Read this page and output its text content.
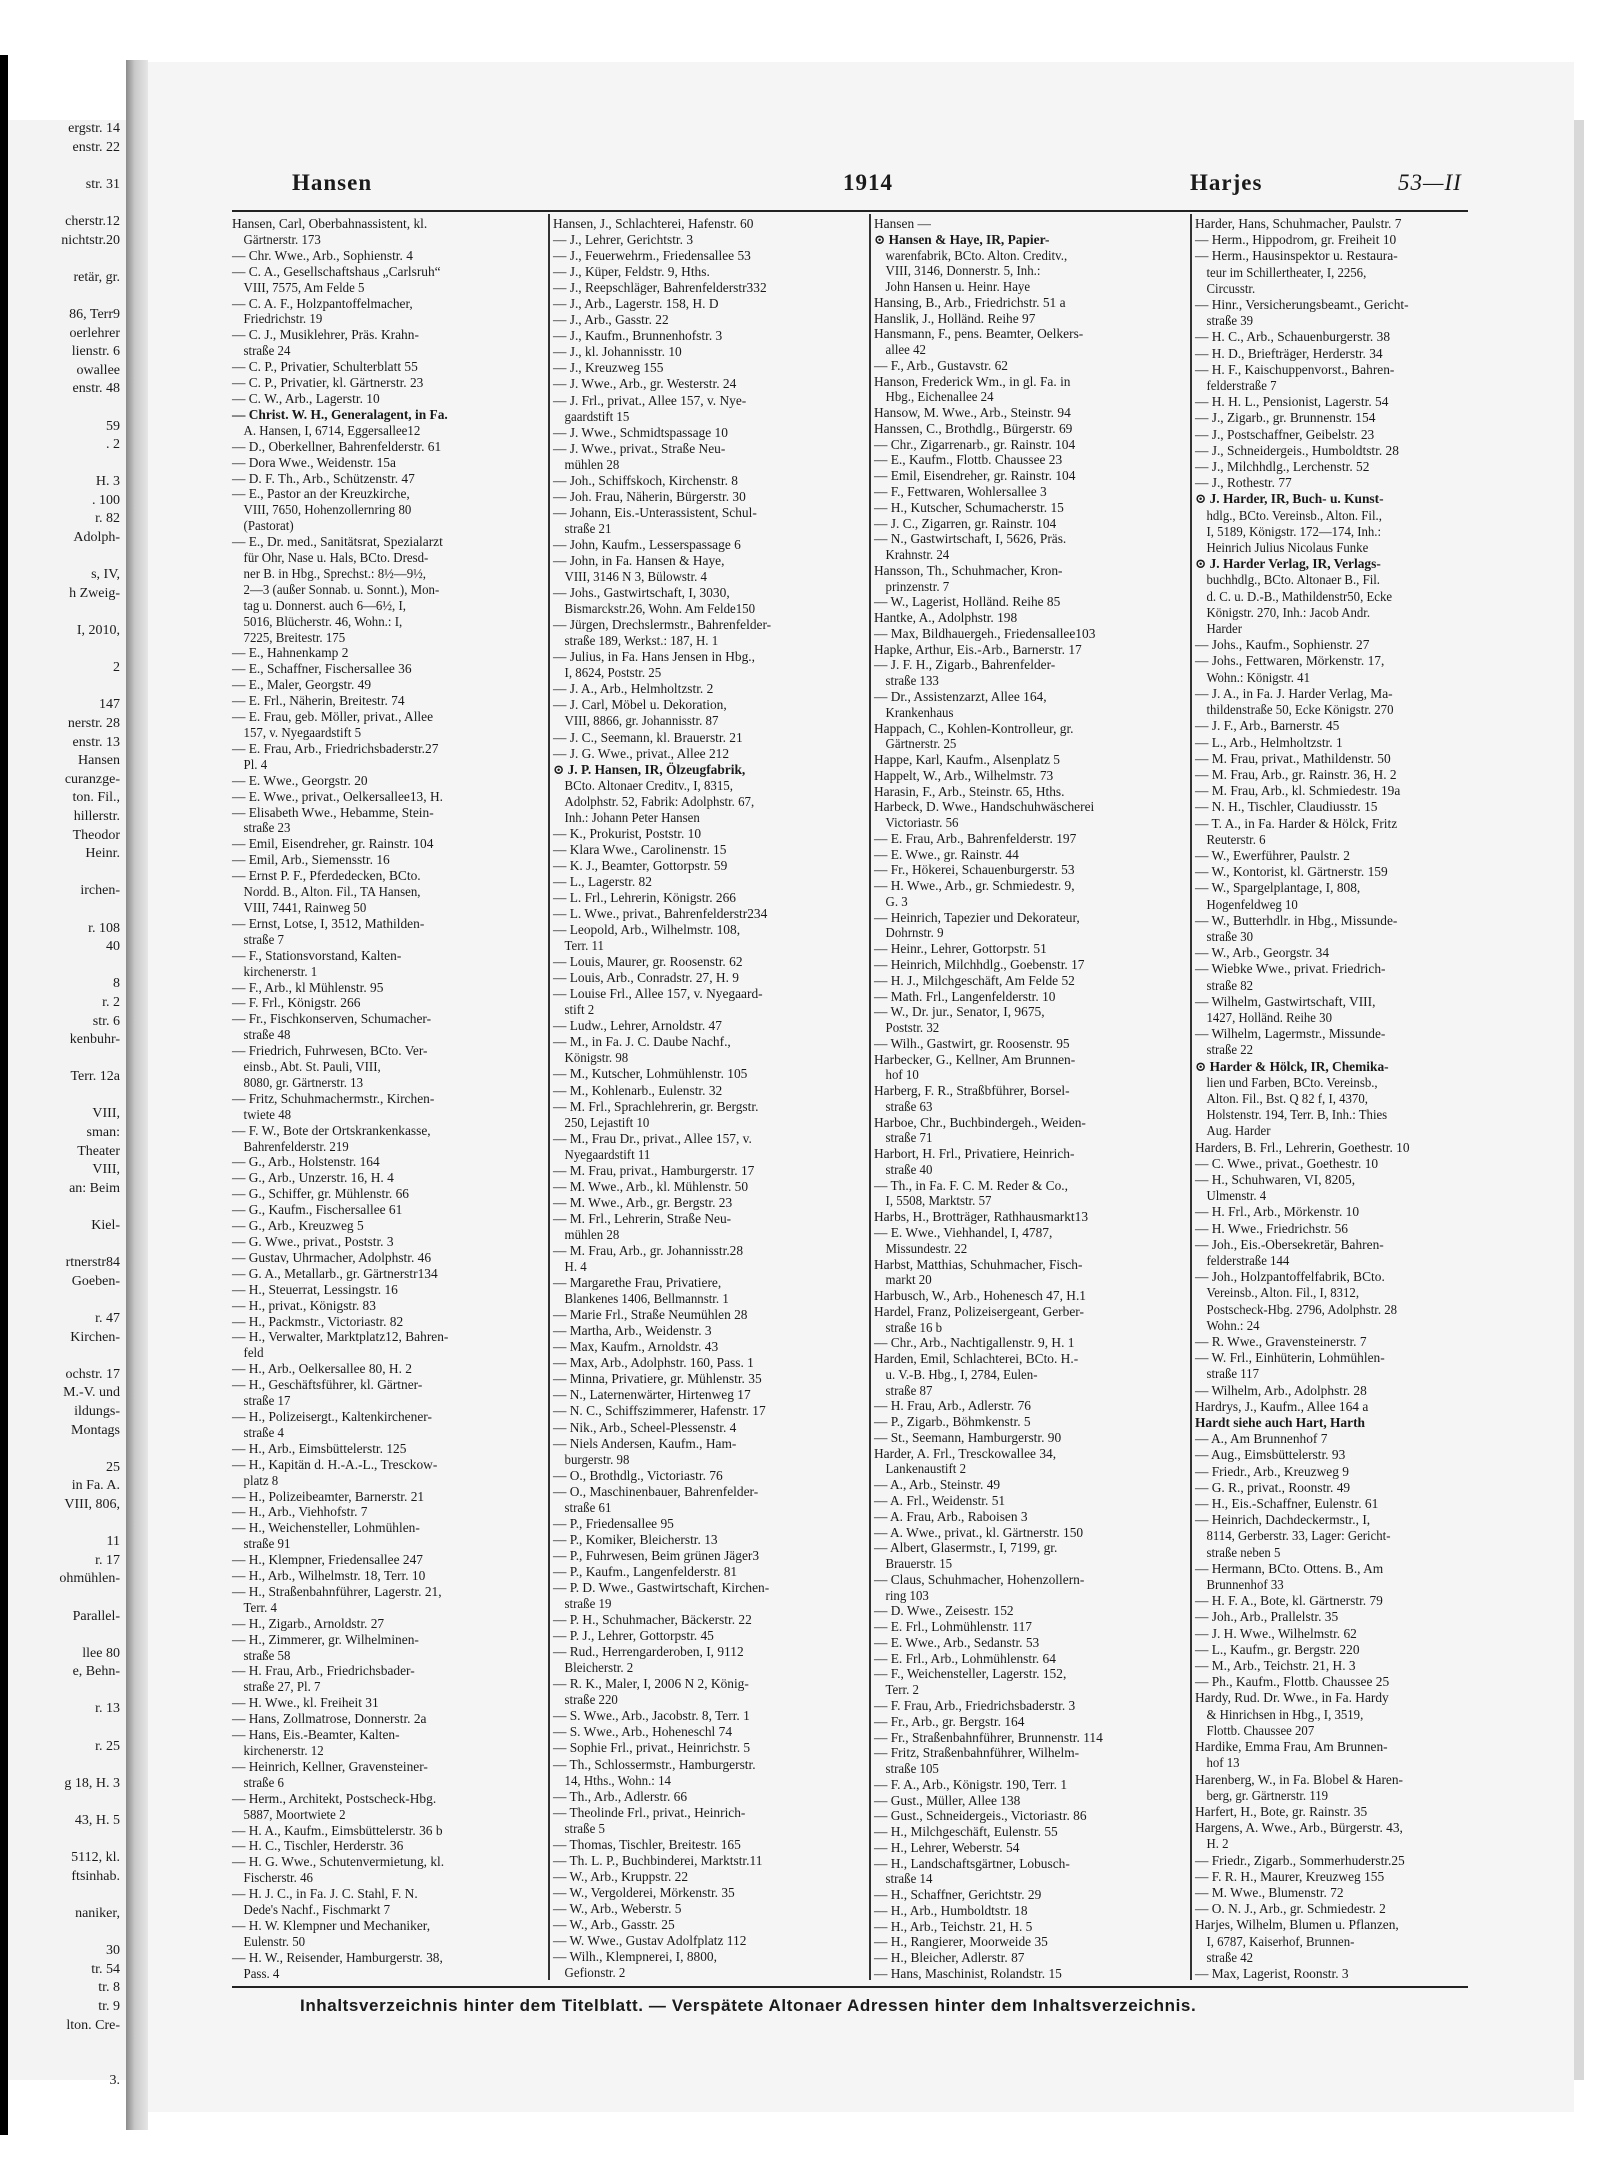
ergstr. 14
enstr. 22

str. 31

cherstr.12
nichtstr.20

retär, gr.

86, Terr9
oerlehrer
lienstr. 6
owallee
enstr. 48

59
. 2

H. 3
. 100
r. 82
Adolph-

s, IV,
h Zweig-

I, 2010,

2

147
nerstr. 28
enstr. 13
Hansen
curanzge-
ton. Fil.,
hillerstr.
Theodor
Heinr.

irchen-

r. 108
40

8
r. 2
str. 6
kenbuhr-

Terr. 12a

VIII,
sman:
Theater
VIII,
an: Beim

Kiel-

rtnerstr84
Goeben-

r. 47
Kirchen-

ochstr. 17
M.-V. und
ildungs-
Montags

25
in Fa. A.
VIII, 806,

11
r. 17
ohmühlen-

Parallel-

llee 80
e, Behn-

r. 13

r. 25

g 18, H. 3

43, H. 5

5112, kl.
ftsinhab.

naniker,

30
tr. 54
tr. 8
tr. 9
lton. Cre-

3.
Hansen	1914	Harjes	53—II
Hansen, Carl, Oberbahnassistent, kl.
Gärtnerstr. 173
— Chr. Wwe., Arb., Sophienstr. 4
— C. A., Gesellschaftshaus „Carlsruh“
VIII, 7575, Am Felde 5
— C. A. F., Holzpantoffelmacher,
Friedrichstr. 19
— C. J., Musiklehrer, Präs. Krahn-
straße 24
— C. P., Privatier, Schulterblatt 55
— C. P., Privatier, kl. Gärtnerstr. 23
— C. W., Arb., Lagerstr. 10
— Christ. W. H., Generalagent, in Fa.
A. Hansen, I, 6714, Eggersallee12
— D., Oberkellner, Bahrenfelderstr. 61
— Dora Wwe., Weidenstr. 15a
— D. F. Th., Arb., Schützenstr. 47
— E., Pastor an der Kreuzkirche,
VIII, 7650, Hohenzollernring 80
(Pastorat)
— E., Dr. med., Sanitätsrat, Spezialarzt
für Ohr, Nase u. Hals, BCto. Dresd-
ner B. in Hbg., Sprechst.: 8½—9½,
2—3 (außer Sonnab. u. Sonnt.), Mon-
tag u. Donnerst. auch 6—6½, I,
5016, Blücherstr. 46, Wohn.: I,
7225, Breitestr. 175
— E., Hahnenkamp 2
— E., Schaffner, Fischersallee 36
— E., Maler, Georgstr. 49
— E. Frl., Näherin, Breitestr. 74
— E. Frau, geb. Möller, privat., Allee
157, v. Nyegaardstift 5
— E. Frau, Arb., Friedrichsbaderstr.27
Pl. 4
— E. Wwe., Georgstr. 20
— E. Wwe., privat., Oelkersallee13, H.
— Elisabeth Wwe., Hebamme, Stein-
straße 23
— Emil, Eisendreher, gr. Rainstr. 104
— Emil, Arb., Siemensstr. 16
— Ernst P. F., Pferdedecken, BCto.
Nordd. B., Alton. Fil., TA Hansen,
VIII, 7441, Rainweg 50
— Ernst, Lotse, I, 3512, Mathilden-
straße 7
— F., Stationsvorstand, Kalten-
kirchenerstr. 1
— F., Arb., kl Mühlenstr. 95
— F. Frl., Königstr. 266
— Fr., Fischkonserven, Schumacher-
straße 48
— Friedrich, Fuhrwesen, BCto. Ver-
einsb., Abt. St. Pauli, VIII,
8080, gr. Gärtnerstr. 13
— Fritz, Schuhmachermstr., Kirchen-
twiete 48
— F. W., Bote der Ortskrankenkasse,
Bahrenfelderstr. 219
— G., Arb., Holstenstr. 164
— G., Arb., Unzerstr. 16, H. 4
— G., Schiffer, gr. Mühlenstr. 66
— G., Kaufm., Fischersallee 61
— G., Arb., Kreuzweg 5
— G. Wwe., privat., Poststr. 3
— Gustav, Uhrmacher, Adolphstr. 46
— G. A., Metallarb., gr. Gärtnerstr134
— H., Steuerrat, Lessingstr. 16
— H., privat., Königstr. 83
— H., Packmstr., Victoriastr. 82
— H., Verwalter, Marktplatz12, Bahren-
feld
— H., Arb., Oelkersallee 80, H. 2
— H., Geschäftsführer, kl. Gärtner-
straße 17
— H., Polizeisergt., Kaltenkirchener-
straße 4
— H., Arb., Eimsbüttelerstr. 125
— H., Kapitän d. H.-A.-L., Tresckow-
platz 8
— H., Polizeibeamter, Barnerstr. 21
— H., Arb., Viehhofstr. 7
— H., Weichensteller, Lohmühlen-
straße 91
— H., Klempner, Friedensallee 247
— H., Arb., Wilhelmstr. 18, Terr. 10
— H., Straßenbahnführer, Lagerstr. 21,
Terr. 4
— H., Zigarb., Arnoldstr. 27
— H., Zimmerer, gr. Wilhelminen-
straße 58
— H. Frau, Arb., Friedrichsbader-
straße 27, Pl. 7
— H. Wwe., kl. Freiheit 31
— Hans, Zollmatrose, Donnerstr. 2a
— Hans, Eis.-Beamter, Kalten-
kirchenerstr. 12
— Heinrich, Kellner, Gravensteiner-
straße 6
— Herm., Architekt, Postscheck-Hbg.
5887, Moortwiete 2
— H. A., Kaufm., Eimsbüttelerstr. 36 b
— H. C., Tischler, Herderstr. 36
— H. G. Wwe., Schutenvermietung, kl.
Fischerstr. 46
— H. J. C., in Fa. J. C. Stahl, F. N.
Dede's Nachf., Fischmarkt 7
— H. W. Klempner und Mechaniker,
Eulenstr. 50
— H. W., Reisender, Hamburgerstr. 38,
Pass. 4
Hansen, J., Schlachterei, Hafenstr. 60
— J., Lehrer, Gerichtstr. 3
— J., Feuerwehrm., Friedensallee 53
— J., Küper, Feldstr. 9, Hths.
— J., Reepschläger, Bahrenfelderstr332
— J., Arb., Lagerstr. 158, H. D
— J., Arb., Gasstr. 22
— J., Kaufm., Brunnenhofstr. 3
— J., kl. Johannisstr. 10
— J., Kreuzweg 155
— J. Wwe., Arb., gr. Westerstr. 24
— J. Frl., privat., Allee 157, v. Nye-
gaardstift 15
— J. Wwe., Schmidtspassage 10
— J. Wwe., privat., Straße Neu-
mühlen 28
— Joh., Schiffskoch, Kirchenstr. 8
— Joh. Frau, Näherin, Bürgerstr. 30
— Johann, Eis.-Unterassistent, Schul-
straße 21
— John, Kaufm., Lesserspassage 6
— John, in Fa. Hansen & Haye,
VIII, 3146 N 3, Bülowstr. 4
— Johs., Gastwirtschaft, I, 3030,
Bismarckstr.26, Wohn. Am Felde150
— Jürgen, Drechslermstr., Bahrenfelder-
straße 189, Werkst.: 187, H. 1
— Julius, in Fa. Hans Jensen in Hbg.,
I, 8624, Poststr. 25
— J. A., Arb., Helmholtzstr. 2
— J. Carl, Möbel u. Dekoration,
VIII, 8866, gr. Johannisstr. 87
— J. C., Seemann, kl. Brauerstr. 21
— J. G. Wwe., privat., Allee 212
⊙ J. P. Hansen, IR, Ölzeugfabrik,
BCto. Altonaer Creditv., I, 8315,
Adolphstr. 52, Fabrik: Adolphstr. 67,
Inh.: Johann Peter Hansen
— K., Prokurist, Poststr. 10
— Klara Wwe., Carolinenstr. 15
— K. J., Beamter, Gottorpstr. 59
— L., Lagerstr. 82
— L. Frl., Lehrerin, Königstr. 266
— L. Wwe., privat., Bahrenfelderstr234
— Leopold, Arb., Wilhelmstr. 108,
Terr. 11
— Louis, Maurer, gr. Roosenstr. 62
— Louis, Arb., Conradstr. 27, H. 9
— Louise Frl., Allee 157, v. Nyegaard-
stift 2
— Ludw., Lehrer, Arnoldstr. 47
— M., in Fa. J. C. Daube Nachf.,
Königstr. 98
— M., Kutscher, Lohmühlenstr. 105
— M., Kohlenarb., Eulenstr. 32
— M. Frl., Sprachlehrerin, gr. Bergstr.
250, Lejastift 10
— M., Frau Dr., privat., Allee 157, v.
Nyegaardstift 11
— M. Frau, privat., Hamburgerstr. 17
— M. Wwe., Arb., kl. Mühlenstr. 50
— M. Wwe., Arb., gr. Bergstr. 23
— M. Frl., Lehrerin, Straße Neu-
mühlen 28
— M. Frau, Arb., gr. Johannisstr.28
H. 4
— Margarethe Frau, Privatiere,
Blankenes 1406, Bellmannstr. 1
— Marie Frl., Straße Neumühlen 28
— Martha, Arb., Weidenstr. 3
— Max, Kaufm., Arnoldstr. 43
— Max, Arb., Adolphstr. 160, Pass. 1
— Minna, Privatiere, gr. Mühlenstr. 35
— N., Laternenwärter, Hirtenweg 17
— N. C., Schiffszimmerer, Hafenstr. 17
— Nik., Arb., Scheel-Plessenstr. 4
— Niels Andersen, Kaufm., Ham-
burgerstr. 98
— O., Brothdlg., Victoriastr. 76
— O., Maschinenbauer, Bahrenfelder-
straße 61
— P., Friedensallee 95
— P., Komiker, Bleicherstr. 13
— P., Fuhrwesen, Beim grünen Jäger3
— P., Kaufm., Langenfelderstr. 81
— P. D. Wwe., Gastwirtschaft, Kirchen-
straße 19
— P. H., Schuhmacher, Bäckerstr. 22
— P. J., Lehrer, Gottorpstr. 45
— Rud., Herrengarderoben, I, 9112
Bleicherstr. 2
— R. K., Maler, I, 2006 N 2, König-
straße 220
— S. Wwe., Arb., Jacobstr. 8, Terr. 1
— S. Wwe., Arb., Hoheneschl 74
— Sophie Frl., privat., Heinrichstr. 5
— Th., Schlossermstr., Hamburgerstr.
14, Hths., Wohn.: 14
— Th., Arb., Adlerstr. 66
— Theolinde Frl., privat., Heinrich-
straße 5
— Thomas, Tischler, Breitestr. 165
— Th. L. P., Buchbinderei, Marktstr.11
— W., Arb., Kruppstr. 22
— W., Vergolderei, Mörkenstr. 35
— W., Arb., Weberstr. 5
— W., Arb., Gasstr. 25
— W. Wwe., Gustav Adolfplatz 112
— Wilh., Klempnerei, I, 8800,
Gefionstr. 2
Hansen —
⊙ Hansen & Haye, IR, Papier-
warenfabrik, BCto. Alton. Creditv.,
VIII, 3146, Donnerstr. 5, Inh.:
John Hansen u. Heinr. Haye
Hansing, B., Arb., Friedrichstr. 51 a
Hanslik, J., Holländ. Reihe 97
Hansmann, F., pens. Beamter, Oelkers-
allee 42
— F., Arb., Gustavstr. 62
Hanson, Frederick Wm., in gl. Fa. in
Hbg., Eichenallee 24
Hansow, M. Wwe., Arb., Steinstr. 94
Hanssen, C., Brothdlg., Bürgerstr. 69
— Chr., Zigarrenarb., gr. Rainstr. 104
— E., Kaufm., Flottb. Chaussee 23
— Emil, Eisendreher, gr. Rainstr. 104
— F., Fettwaren, Wohlersallee 3
— H., Kutscher, Schumacherstr. 15
— J. C., Zigarren, gr. Rainstr. 104
— N., Gastwirtschaft, I, 5626, Präs.
Krahnstr. 24
Hansson, Th., Schuhmacher, Kron-
prinzenstr. 7
— W., Lagerist, Holländ. Reihe 85
Hantke, A., Adolphstr. 198
— Max, Bildhauergeh., Friedensallee103
Hapke, Arthur, Eis.-Arb., Barnerstr. 17
— J. F. H., Zigarb., Bahrenfelder-
straße 133
— Dr., Assistenzarzt, Allee 164,
Krankenhaus
Happach, C., Kohlen-Kontrolleur, gr.
Gärtnerstr. 25
Happe, Karl, Kaufm., Alsenplatz 5
Happelt, W., Arb., Wilhelmstr. 73
Harasin, F., Arb., Steinstr. 65, Hths.
Harbeck, D. Wwe., Handschuhwäscherei
Victoriastr. 56
— E. Frau, Arb., Bahrenfelderstr. 197
— E. Wwe., gr. Rainstr. 44
— Fr., Hökerei, Schauenburgerstr. 53
— H. Wwe., Arb., gr. Schmiedestr. 9,
G. 3
— Heinrich, Tapezier und Dekorateur,
Dohrnstr. 9
— Heinr., Lehrer, Gottorpstr. 51
— Heinrich, Milchhdlg., Goebenstr. 17
— H. J., Milchgeschäft, Am Felde 52
— Math. Frl., Langenfelderstr. 10
— W., Dr. jur., Senator, I, 9675,
Poststr. 32
— Wilh., Gastwirt, gr. Roosenstr. 95
Harbecker, G., Kellner, Am Brunnen-
hof 10
Harberg, F. R., Straßbführer, Borsel-
straße 63
Harboe, Chr., Buchbindergeh., Weiden-
straße 71
Harbort, H. Frl., Privatiere, Heinrich-
straße 40
— Th., in Fa. F. C. M. Reder & Co.,
I, 5508, Marktstr. 57
Harbs, H., Brotträger, Rathhausmarkt13
— E. Wwe., Viehhandel, I, 4787,
Missundestr. 22
Harbst, Matthias, Schuhmacher, Fisch-
markt 20
Harbusch, W., Arb., Hohenesch 47, H.1
Hardel, Franz, Polizeisergeant, Gerber-
straße 16 b
— Chr., Arb., Nachtigallenstr. 9, H. 1
Harden, Emil, Schlachterei, BCto. H.-
u. V.-B. Hbg., I, 2784, Eulen-
straße 87
— H. Frau, Arb., Adlerstr. 76
— P., Zigarb., Böhmkenstr. 5
— St., Seemann, Hamburgerstr. 90
Harder, A. Frl., Tresckowallee 34,
Lankenaustift 2
— A., Arb., Steinstr. 49
— A. Frl., Weidenstr. 51
— A. Frau, Arb., Raboisen 3
— A. Wwe., privat., kl. Gärtnerstr. 150
— Albert, Glasermstr., I, 7199, gr.
Brauerstr. 15
— Claus, Schuhmacher, Hohenzollern-
ring 103
— D. Wwe., Zeisestr. 152
— E. Frl., Lohmühlenstr. 117
— E. Wwe., Arb., Sedanstr. 53
— E. Frl., Arb., Lohmühlenstr. 64
— F., Weichensteller, Lagerstr. 152,
Terr. 2
— F. Frau, Arb., Friedrichsbaderstr. 3
— Fr., Arb., gr. Bergstr. 164
— Fr., Straßenbahnführer, Brunnenstr. 114
— Fritz, Straßenbahnführer, Wilhelm-
straße 105
— F. A., Arb., Königstr. 190, Terr. 1
— Gust., Müller, Allee 138
— Gust., Schneidergeis., Victoriastr. 86
— H., Milchgeschäft, Eulenstr. 55
— H., Lehrer, Weberstr. 54
— H., Landschaftsgärtner, Lobusch-
straße 14
— H., Schaffner, Gerichtstr. 29
— H., Arb., Humboldtstr. 18
— H., Arb., Teichstr. 21, H. 5
— H., Rangierer, Moorweide 35
— H., Bleicher, Adlerstr. 87
— Hans, Maschinist, Rolandstr. 15
Harder, Hans, Schuhmacher, Paulstr. 7
— Herm., Hippodrom, gr. Freiheit 10
— Herm., Hausinspektor u. Restaura-
teur im Schillertheater, I, 2256,
Circusstr.
— Hinr., Versicherungsbeamt., Gericht-
straße 39
— H. C., Arb., Schauenburgerstr. 38
— H. D., Briefträger, Herderstr. 34
— H. F., Kaischuppenvorst., Bahren-
felderstraße 7
— H. H. L., Pensionist, Lagerstr. 54
— J., Zigarb., gr. Brunnenstr. 154
— J., Postschaffner, Geibelstr. 23
— J., Schneidergeis., Humboldtstr. 28
— J., Milchhdlg., Lerchenstr. 52
— J., Rothestr. 77
⊙ J. Harder, IR, Buch- u. Kunst-
hdlg., BCto. Vereinsb., Alton. Fil.,
I, 5189, Königstr. 172—174, Inh.:
Heinrich Julius Nicolaus Funke
⊙ J. Harder Verlag, IR, Verlags-
buchhdlg., BCto. Altonaer B., Fil.
d. C. u. D.-B., Mathildenstr50, Ecke
Königstr. 270, Inh.: Jacob Andr.
Harder
— Johs., Kaufm., Sophienstr. 27
— Johs., Fettwaren, Mörkenstr. 17,
Wohn.: Königstr. 41
— J. A., in Fa. J. Harder Verlag, Ma-
thildenstraße 50, Ecke Königstr. 270
— J. F., Arb., Barnerstr. 45
— L., Arb., Helmholtzstr. 1
— M. Frau, privat., Mathildenstr. 50
— M. Frau, Arb., gr. Rainstr. 36, H. 2
— M. Frau, Arb., kl. Schmiedestr. 19a
— N. H., Tischler, Claudiusstr. 15
— T. A., in Fa. Harder & Hölck, Fritz
Reuterstr. 6
— W., Ewerführer, Paulstr. 2
— W., Kontorist, kl. Gärtnerstr. 159
— W., Spargelplantage, I, 808,
Hogenfeldweg 10
— W., Butterhdlr. in Hbg., Missunde-
straße 30
— W., Arb., Georgstr. 34
— Wiebke Wwe., privat. Friedrich-
straße 82
— Wilhelm, Gastwirtschaft, VIII,
1427, Holländ. Reihe 30
— Wilhelm, Lagermstr., Missunde-
straße 22
⊙ Harder & Hölck, IR, Chemika-
lien und Farben, BCto. Vereinsb.,
Alton. Fil., Bst. Q 82 f, I, 4370,
Holstenstr. 194, Terr. B, Inh.: Thies
Aug. Harder
Harders, B. Frl., Lehrerin, Goethestr. 10
— C. Wwe., privat., Goethestr. 10
— H., Schuhwaren, VI, 8205,
Ulmenstr. 4
— H. Frl., Arb., Mörkenstr. 10
— H. Wwe., Friedrichstr. 56
— Joh., Eis.-Obersekretär, Bahren-
felderstraße 144
— Joh., Holzpantoffelfabrik, BCto.
Vereinsb., Alton. Fil., I, 8312,
Postscheck-Hbg. 2796, Adolphstr. 28
Wohn.: 24
— R. Wwe., Gravensteinerstr. 7
— W. Frl., Einhüterin, Lohmühlen-
straße 117
— Wilhelm, Arb., Adolphstr. 28
Hardrys, J., Kaufm., Allee 164 a
Hardt siehe auch Hart, Harth
— A., Am Brunnenhof 7
— Aug., Eimsbüttelerstr. 93
— Friedr., Arb., Kreuzweg 9
— G. R., privat., Roonstr. 49
— H., Eis.-Schaffner, Eulenstr. 61
— Heinrich, Dachdeckermstr., I,
8114, Gerberstr. 33, Lager: Gericht-
straße neben 5
— Hermann, BCto. Ottens. B., Am
Brunnenhof 33
— H. F. A., Bote, kl. Gärtnerstr. 79
— Joh., Arb., Prallelstr. 35
— J. H. Wwe., Wilhelmstr. 62
— L., Kaufm., gr. Bergstr. 220
— M., Arb., Teichstr. 21, H. 3
— Ph., Kaufm., Flottb. Chaussee 25
Hardy, Rud. Dr. Wwe., in Fa. Hardy
& Hinrichsen in Hbg., I, 3519,
Flottb. Chaussee 207
Hardike, Emma Frau, Am Brunnen-
hof 13
Harenberg, W., in Fa. Blobel & Haren-
berg, gr. Gärtnerstr. 119
Harfert, H., Bote, gr. Rainstr. 35
Hargens, A. Wwe., Arb., Bürgerstr. 43,
H. 2
— Friedr., Zigarb., Sommerhuderstr.25
— F. R. H., Maurer, Kreuzweg 155
— M. Wwe., Blumenstr. 72
— O. N. J., Arb., gr. Schmiedestr. 2
Harjes, Wilhelm, Blumen u. Pflanzen,
I, 6787, Kaiserhof, Brunnen-
straße 42
— Max, Lagerist, Roonstr. 3
Inhaltsverzeichnis hinter dem Titelblatt. — Verspätete Altonaer Adressen hinter dem Inhaltsverzeichnis.
